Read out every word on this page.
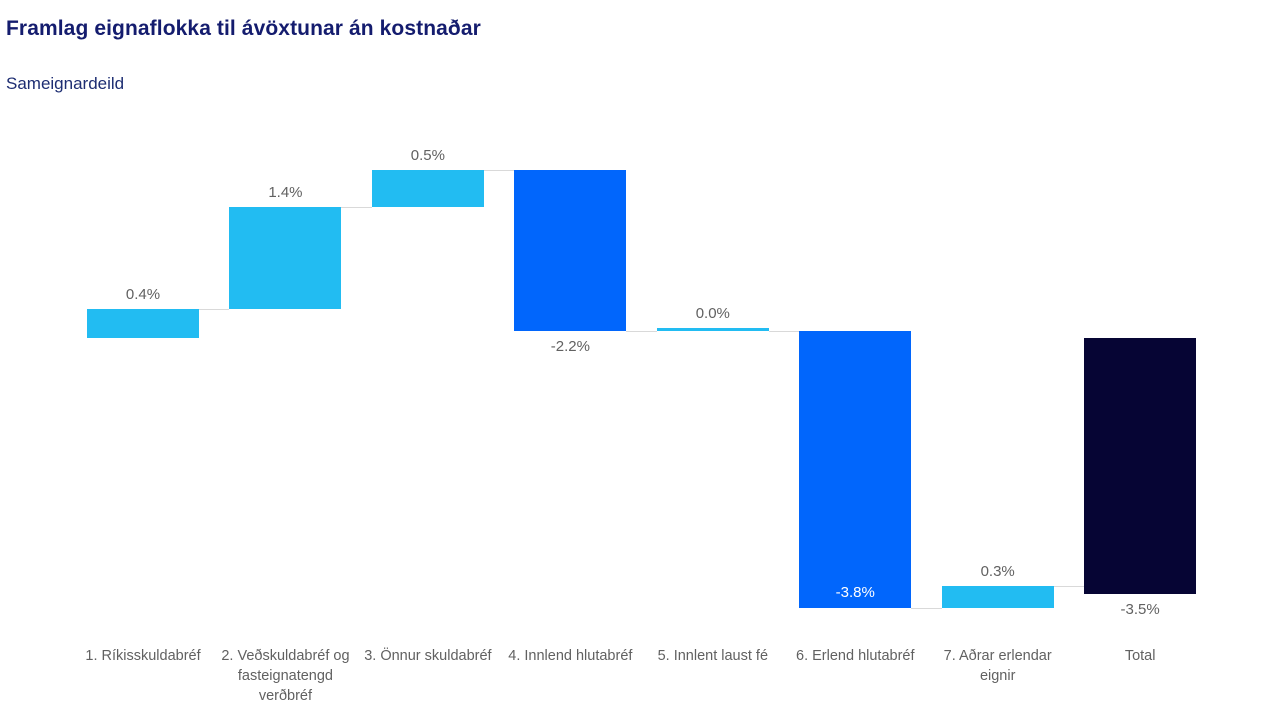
Framlag eignaflokka til ávöxtunar án kostnaðar
Sameignardeild
0.4%
1. Ríkisskuldabréf
1.4%
2. Veðskuldabréf og fasteignatengd verðbréf
0.5%
3. Önnur skuldabréf
-2.2%
4. Innlend hlutabréf
0.0%
5. Innlent laust fé
-3.8%
6. Erlend hlutabréf
0.3%
7. Aðrar erlendar eignir
-3.5%
Total
